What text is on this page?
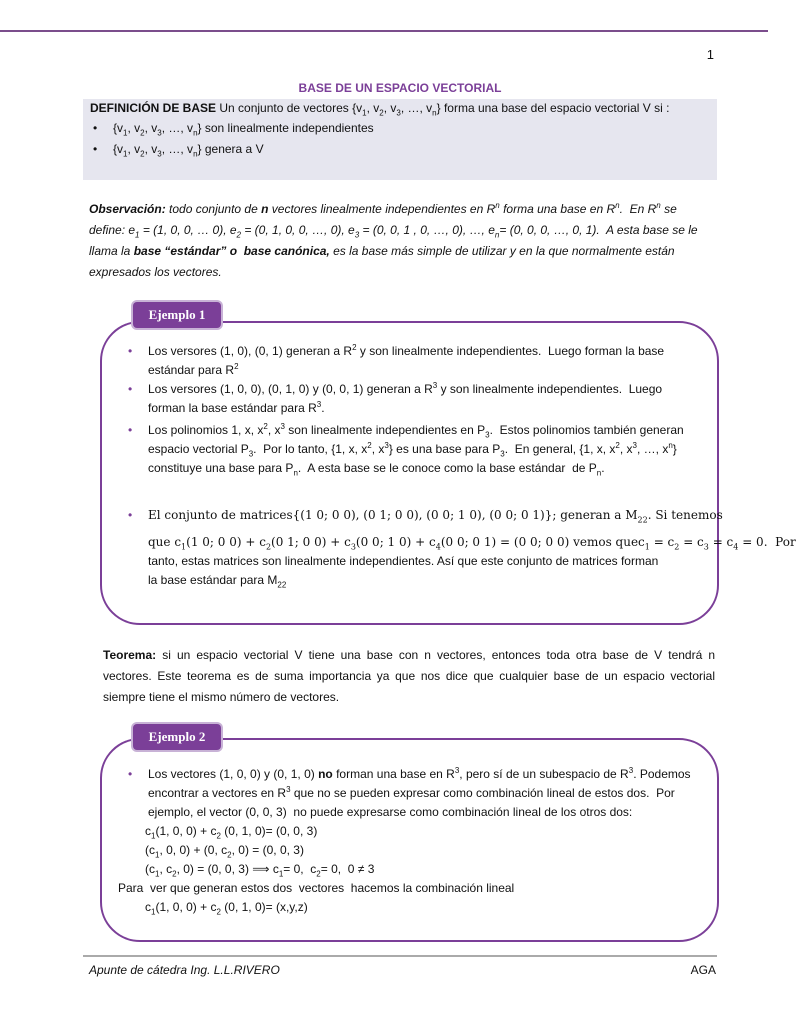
1
BASE DE UN ESPACIO VECTORIAL
DEFINICIÓN DE BASE Un conjunto de vectores {$v_1$, $v_2$, $v_3$, …, $v_n$} forma una base del espacio vectorial V si :
• {$v_1$, $v_2$, $v_3$, …, $v_n$} son linealmente independientes
• {$v_1$, $v_2$, $v_3$, …, $v_n$} genera a V
Observación: todo conjunto de n vectores linealmente independientes en $R^n$ forma una base en $R^n$.  En $R^n$ se
define: $e_1 = (1$, 0, 0, … 0), $e_2 = (0$, 1, 0, 0, …, 0), $e_3 = (0$, 0, 1 , 0, …, 0), …, $e_n= (0$, 0, 0, …, 0, 1).  A esta base se le
llama la base “estándar” o  base canónica, es la base más simple de utilizar y en la que normalmente están
expresados los vectores.
Ejemplo 1
• Los versores (1, 0), (0, 1) generan a $R^2$ y son linealmente independientes.  Luego forman la base
estándar para $R^2$
• Los versores (1, 0, 0), (0, 1, 0) y (0, 0, 1) generan a $R^3$ y son linealmente independientes.  Luego
forman la base estándar para $R^3$.
• Los polinomios 1, x, $x^2$, $x^3$ son linealmente independientes en $P_3$.  Estos polinomios también generan
espacio vectorial $P_3$.  Por lo tanto, {1, x, $x^2$, $x^3$} es una base para $P_3$.  En general, {1, x, $x^2$, $x^3$, …, $x^n$}
constituye una base para $P_n$.  A esta base se le conoce como la base estándar  de $P_n$.
• El conjunto de matrices{(1 0; 0 0), (0 1; 0 0), (0 0; 1 0), (0 0; 0 1)}; generan a $M_{22}$. Si tenemos
que $c_1(1$ 0; 0 $0) + c_2(0$ 1; 0 $0) + c_3(0$ 0; 1 $0) + c_4(0$ 0; 0 1) = (0 0; 0 0) vemos quec$_1$ = $c_2 = c_3 = c_4 = 0$.  Por
tanto, estas matrices son linealmente independientes. Así que este conjunto de matrices forman
la base estándar para $M_{22}$
Teorema: si un espacio vectorial V tiene una base con n vectores, entonces toda otra base de V tendrá n vectores. Este teorema es de suma importancia ya que nos dice que cualquier base de un espacio vectorial siempre tiene el mismo número de vectores.
Ejemplo 2
• Los vectores (1, 0, 0) y (0, 1, 0) no forman una base en $R^3$, pero sí de un subespacio de $R^3$. Podemos
encontrar a vectores en $R^3$ que no se pueden expresar como combinación lineal de estos dos.  Por
ejemplo, el vector (0, 0, 3)  no puede expresarse como combinación lineal de los otros dos:
$c_1(1$, 0, $0) + c_2$ (0, 1, 0)= (0, 0, 3)
($c_1$, 0, 0) + (0, $c_2$, 0) = (0, 0, 3)
($c_1$, $c_2$, 0) = (0, 0, 3) ⟹ $c_1= 0$,  $c_2= 0$,  0 ≠ 3
Para  ver que generan estos dos  vectores  hacemos la combinación lineal
$c_1(1$, 0, $0) + c_2$ (0, 1, 0)= (x,y,z)
Apunte de cátedra Ing. L.L.RIVERO	AGA
